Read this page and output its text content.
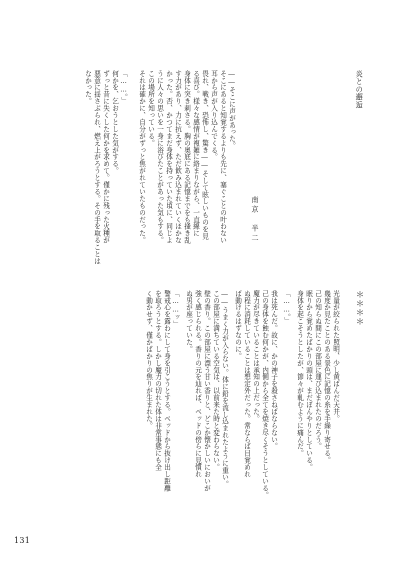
炎との邂逅
南京　半二
――そこに声があった。
そこにあると知覚するよりも先に、塞ぐことの叶わない
耳から声が入り込んでくる。
畏れ、戦き、恐怖し、驚き――そして眩しいものを見
る喜び。様々な感情が複雑に絡まりながら、一直線に
身体に突き刺さる。胸の奥底にある記憶までをも掻き乱
す力があり、力に抗えず、ただ飲み込まれていくほかな
かった。否、かつてまだ身体を持っていた頃に、同じよ
うに人々の思いを一身に浴びたことがあった気もする。
この場所を知っている。
それは確かに、自分がずっと焦がれていたものだった。
「……。」
何かを、乞おうとした気がする。
ずっと昔に失くした何かを求めて。僅かに残った火種が
悪意に揺さぶられ、燃え上がろうとする。その手を取ることは
なかった。
＊＊＊＊
光量が絞られた照明、少し黄ばんだ天井。
幾度か見たことのある景色に記憶の糸を手繰り寄せる。
己の知らぬ間にこの部屋に運び込まれたのだろう。
眠りから覚めたばかりの頭は、まだぼんやりとしている。
身体を起こそうとしたが、節々が軋むように痛んだ。
「……。」
我は死んだ。故に、かの神子を殺さねばならない。
己の身体を蝕む何かが、内側から全てを焼き尽くそうとしている。
魔力が尽きていることは承知の上だった。
ぬ程に消耗していることは想定外だった。常ならば目覚めれ
ば動けるはずなのに。
――うまく力が入らない。体に鉛を流し込まれたように重い。
この部屋に満ちている空気は、以前来た時と変わらない。
壁の香り。この部屋に漂う甘い香りと、どこか懐かしいにおいが
強く感じられる。香りの元を辿れば、ベッドの傍らに見慣れ
ぬ男が座っていた。
「……ッ」
警戒心を露わにして身を引こうとする。ベッドから抜け出し距離
を取ろうとする。しかし魔力の切れた体は非常事態にも全
く動かせず、僅かばかりの焦りが生まれた。
131
